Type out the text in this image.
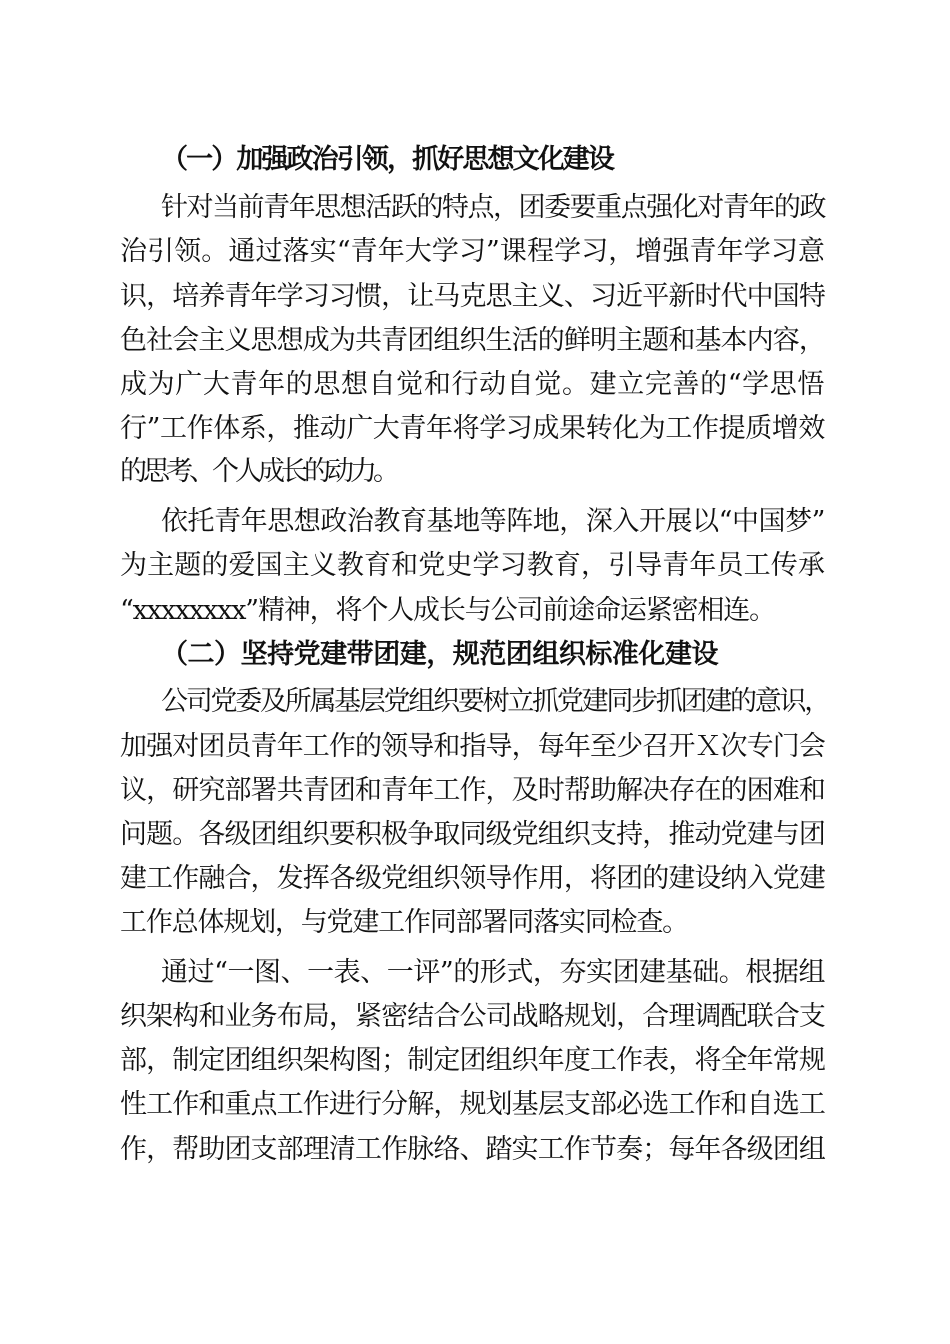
（一）加强政治引领，抓好思想文化建设
针对当前青年思想活跃的特点，团委要重点强化对青年的政
治引领。通过落实“青年大学习”课程学习，增强青年学习意
识，培养青年学习习惯，让马克思主义、习近平新时代中国特
色社会主义思想成为共青团组织生活的鲜明主题和基本内容，
成为广大青年的思想自觉和行动自觉。建立完善的“学思悟
行”工作体系，推动广大青年将学习成果转化为工作提质增效
的思考、个人成长的动力。
依托青年思想政治教育基地等阵地，深入开展以“中国梦”
为主题的爱国主义教育和党史学习教育，引导青年员工传承
“xxxxxxxx”精神，将个人成长与公司前途命运紧密相连。
（二）坚持党建带团建，规范团组织标准化建设
公司党委及所属基层党组织要树立抓党建同步抓团建的意识，
加强对团员青年工作的领导和指导，每年至少召开Ｘ次专门会
议，研究部署共青团和青年工作，及时帮助解决存在的困难和
问题。各级团组织要积极争取同级党组织支持，推动党建与团
建工作融合，发挥各级党组织领导作用，将团的建设纳入党建
工作总体规划，与党建工作同部署同落实同检查。
通过“一图、一表、一评”的形式，夯实团建基础。根据组
织架构和业务布局，紧密结合公司战略规划，合理调配联合支
部，制定团组织架构图；制定团组织年度工作表，将全年常规
性工作和重点工作进行分解，规划基层支部必选工作和自选工
作，帮助团支部理清工作脉络、踏实工作节奏；每年各级团组
